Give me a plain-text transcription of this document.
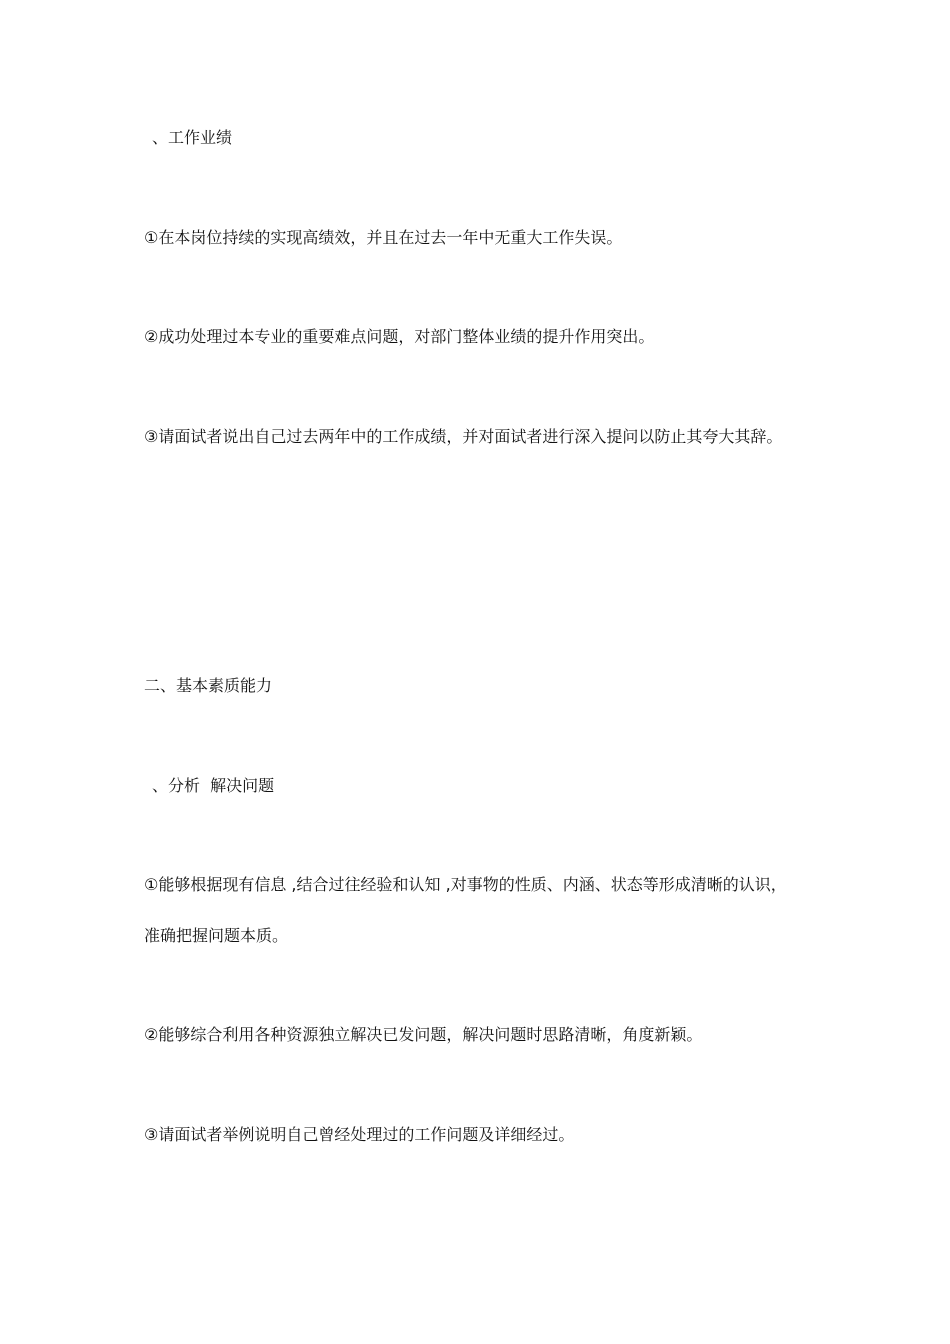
、工作业绩
①在本岗位持续的实现高绩效，并且在过去一年中无重大工作失误。
②成功处理过本专业的重要难点问题，对部门整体业绩的提升作用突出。
③请面试者说出自己过去两年中的工作成绩，并对面试者进行深入提问以防止其夸大其辞。
二、基本素质能力
、分析  解决问题
①能够根据现有信息 ,结合过往经验和认知 ,对事物的性质、内涵、状态等形成清晰的认识，
准确把握问题本质。
②能够综合利用各种资源独立解决已发问题，解决问题时思路清晰，角度新颖。
③请面试者举例说明自己曾经处理过的工作问题及详细经过。
